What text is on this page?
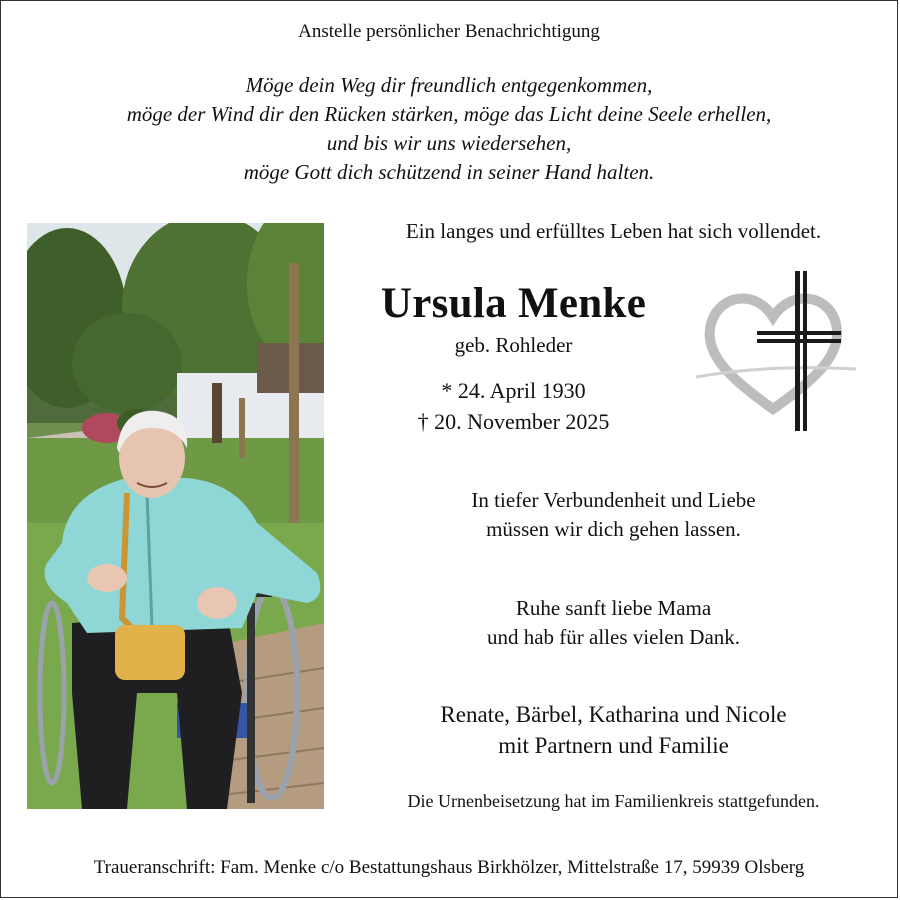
Anstelle persönlicher Benachrichtigung
Möge dein Weg dir freundlich entgegenkommen,
möge der Wind dir den Rücken stärken, möge das Licht deine Seele erhellen,
und bis wir uns wiedersehen,
möge Gott dich schützend in seiner Hand halten.
Ein langes und erfülltes Leben hat sich vollendet.
Ursula Menke
geb. Rohleder
* 24. April 1930
† 20. November 2025
In tiefer Verbundenheit und Liebe
müssen wir dich gehen lassen.
Ruhe sanft liebe Mama
und hab für alles vielen Dank.
Renate, Bärbel, Katharina und Nicole
mit Partnern und Familie
Die Urnenbeisetzung hat im Familienkreis stattgefunden.
Traueranschrift: Fam. Menke c/o Bestattungshaus Birkhölzer, Mittelstraße 17, 59939 Olsberg
